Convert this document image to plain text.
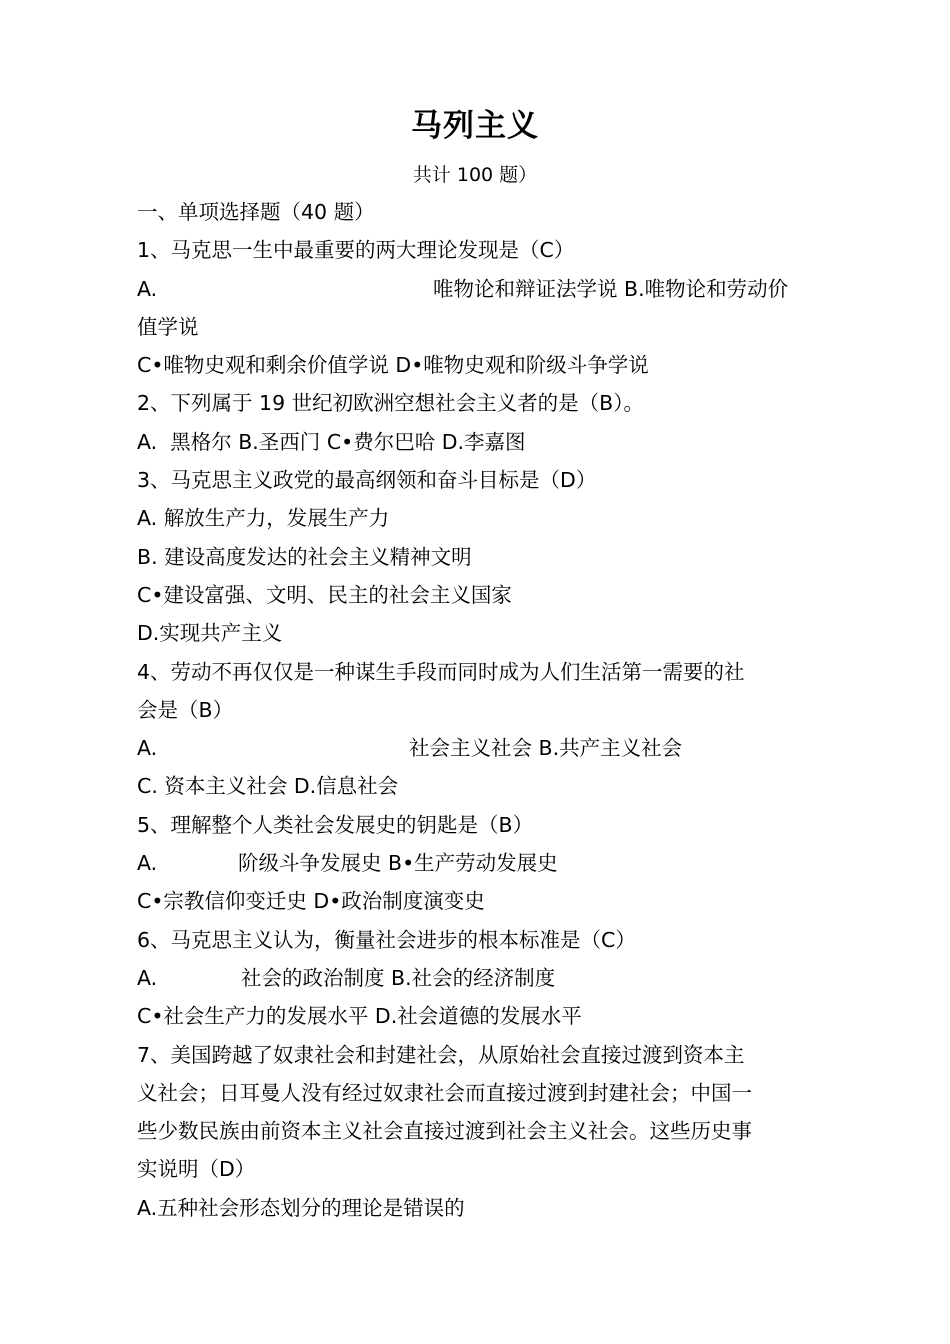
马列主义
共计 100 题）
一、单项选择题（40 题）
1、马克思一生中最重要的两大理论发现是（C）
A.	唯物论和辩证法学说 B.唯物论和劳动价
值学说
C•唯物史观和剩余价值学说 D•唯物史观和阶级斗争学说
2、下列属于 19 世纪初欧洲空想社会主义者的是（B）。
A.  黑格尔 B.圣西门 C•费尔巴哈 D.李嘉图
3、马克思主义政党的最高纲领和奋斗目标是（D）
A. 解放生产力，发展生产力
B. 建设高度发达的社会主义精神文明
C•建设富强、文明、民主的社会主义国家
D.实现共产主义
4、劳动不再仅仅是一种谋生手段而同时成为人们生活第一需要的社
会是（B）
A.	社会主义社会 B.共产主义社会
C. 资本主义社会 D.信息社会
5、理解整个人类社会发展史的钥匙是（B）
A.	阶级斗争发展史 B•生产劳动发展史
C•宗教信仰变迁史 D•政治制度演变史
6、马克思主义认为，衡量社会进步的根本标准是（C）
A.	社会的政治制度 B.社会的经济制度
C•社会生产力的发展水平 D.社会道德的发展水平
7、美国跨越了奴隶社会和封建社会，从原始社会直接过渡到资本主
义社会；日耳曼人没有经过奴隶社会而直接过渡到封建社会；中国一
些少数民族由前资本主义社会直接过渡到社会主义社会。这些历史事
实说明（D）
A.五种社会形态划分的理论是错误的
